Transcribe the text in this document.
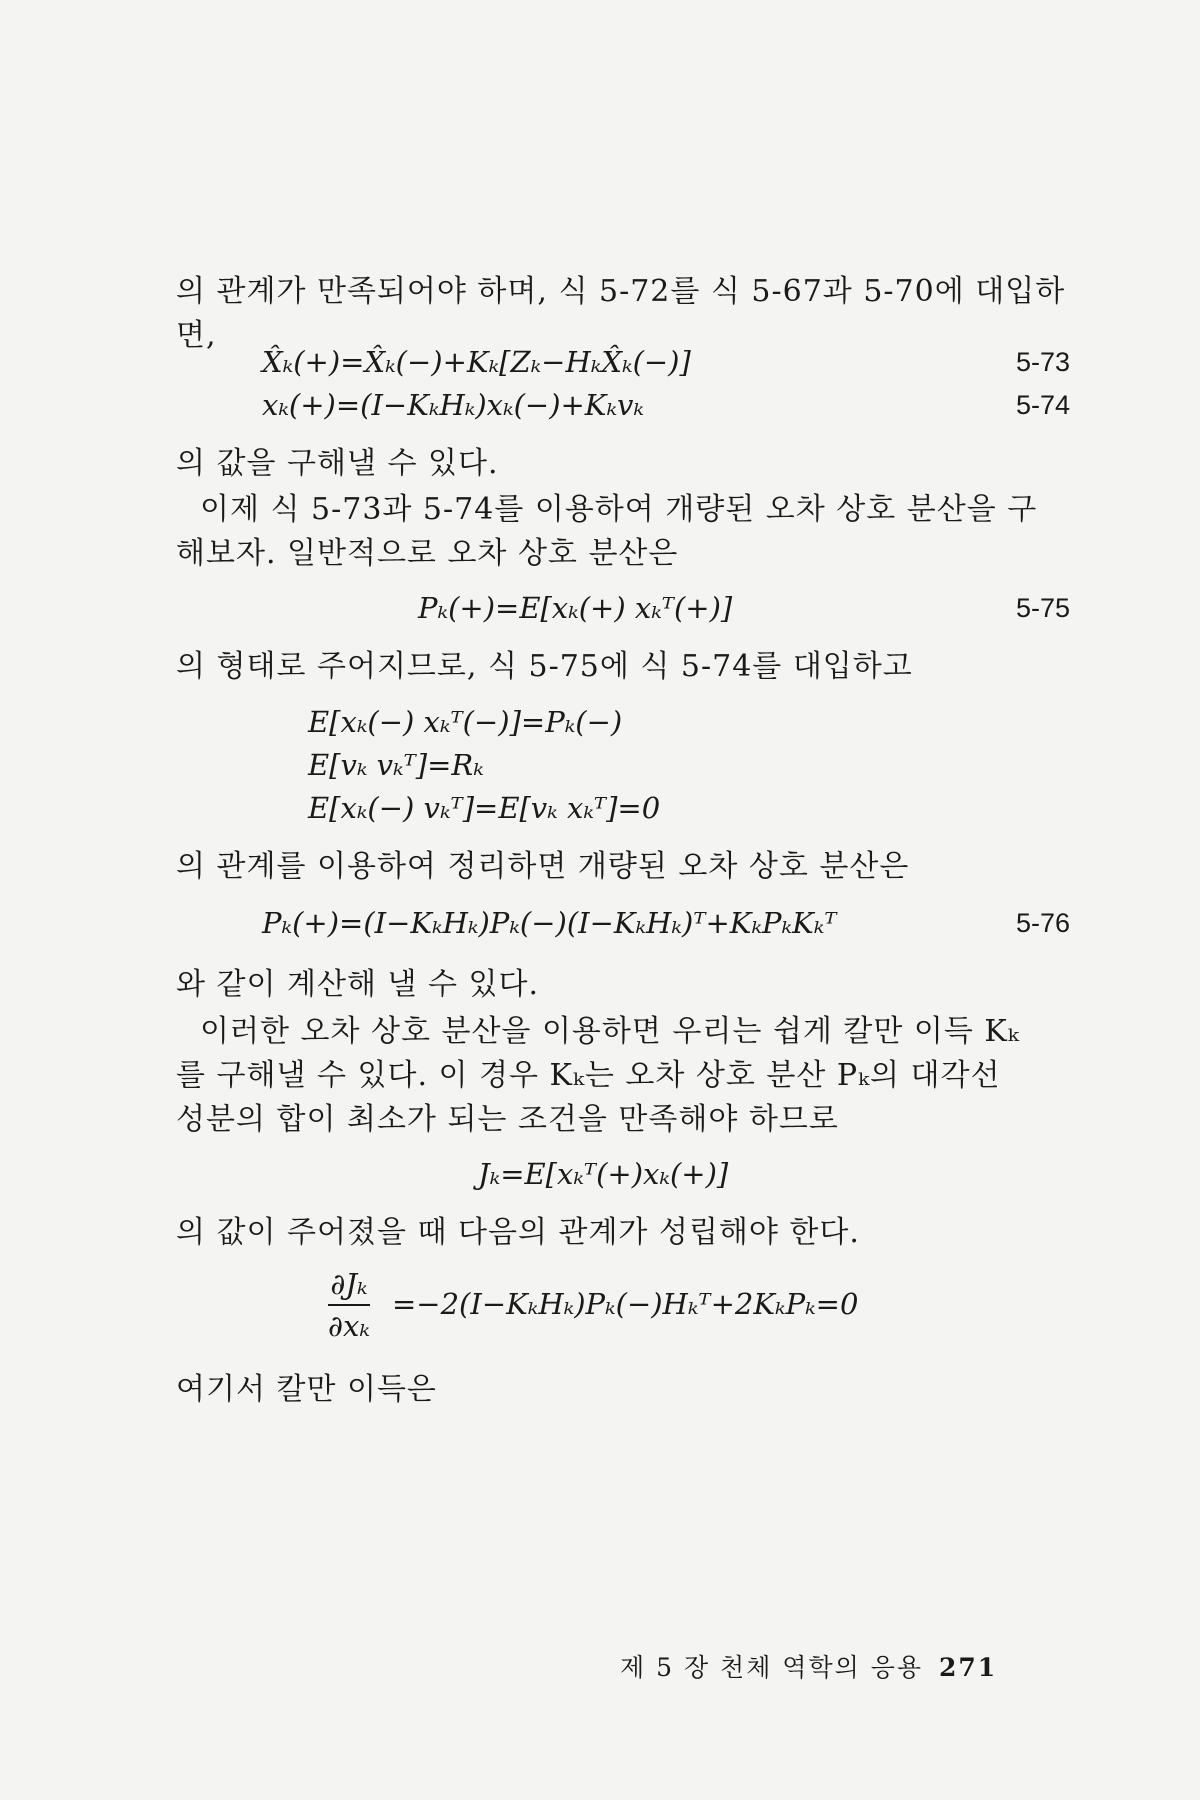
의 관계가 만족되어야 하며, 식 5-72를 식 5-67과 5-70에 대입하

면,

X̂ₖ(+)=X̂ₖ(−)+Kₖ[Zₖ−HₖX̂ₖ(−)]	5-73
xₖ(+)=(I−KₖHₖ)xₖ(−)+Kₖvₖ	5-74

의 값을 구해낼 수 있다.

이제 식 5-73과 5-74를 이용하여 개량된 오차 상호 분산을 구

해보자. 일반적으로 오차 상호 분산은

Pₖ(+)=E[xₖ(+) xₖᵀ(+)]	5-75

의 형태로 주어지므로, 식 5-75에 식 5-74를 대입하고

E[xₖ(−) xₖᵀ(−)]=Pₖ(−)
E[vₖ vₖᵀ]=Rₖ
E[xₖ(−) vₖᵀ]=E[vₖ xₖᵀ]=0

의 관계를 이용하여 정리하면 개량된 오차 상호 분산은

Pₖ(+)=(I−KₖHₖ)Pₖ(−)(I−KₖHₖ)ᵀ+KₖPₖKₖᵀ	5-76

와 같이 계산해 낼 수 있다.

이러한 오차 상호 분산을 이용하면 우리는 쉽게 칼만 이득 Kₖ

를 구해낼 수 있다. 이 경우 Kₖ는 오차 상호 분산 Pₖ의 대각선

성분의 합이 최소가 되는 조건을 만족해야 하므로

Jₖ=E[xₖᵀ(+)xₖ(+)]

의 값이 주어졌을 때 다음의 관계가 성립해야 한다.

$\frac{\text{∂Jₖ}}{\text{∂xₖ}}$ =−2(I−KₖHₖ)Pₖ(−)Hₖᵀ+2KₖPₖ=0

여기서 칼만 이득은

제 5 장 천체 역학의 응용 271
